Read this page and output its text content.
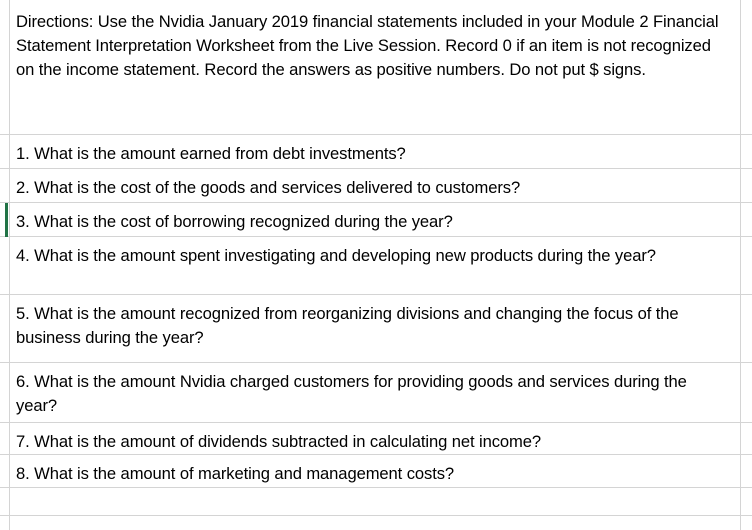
Directions: Use the Nvidia January 2019 financial statements included in your Module 2 Financial Statement Interpretation Worksheet from the Live Session. Record 0 if an item is not recognized on the income statement. Record the answers as positive numbers. Do not put $ signs.
1. What is the amount earned from debt investments?
2. What is the cost of the goods and services delivered to customers?
3. What is the cost of borrowing recognized during the year?
4. What is the amount spent investigating and developing new products during the year?
5. What is the amount recognized from reorganizing divisions and changing the focus of the business during the year?
6. What is the amount Nvidia charged customers for providing goods and services during the year?
7. What is the amount of dividends subtracted in calculating net income?
8. What is the amount of marketing and management costs?
